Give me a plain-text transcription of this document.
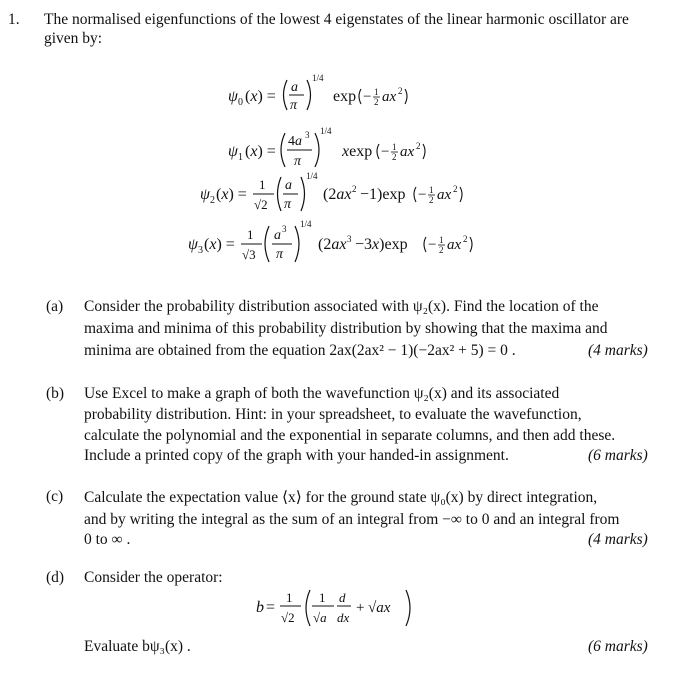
1. The normalised eigenfunctions of the lowest 4 eigenstates of the linear harmonic oscillator are
given by:
ψ 0 (x) =
a
π
1/4
exp − 1
2 ax 2
ψ 1 (x) =
4a 3
π
1/4
xexp − 1
2 ax 2
ψ 2 (x) =
1
√2
a
π
1/4
(2ax 2 −1)exp − 1
2 ax 2
ψ 3 (x) =
1
√3
a 3
π
1/4
(2ax 3 −3x)exp − 1
2 ax 2
(a) Consider the probability distribution associated with ψ₂(x). Find the location of the
maxima and minima of this probability distribution by showing that the maxima and
minima are obtained from the equation 2ax(2ax² − 1)(−2ax² + 5) = 0 .	(4 marks)
(b) Use Excel to make a graph of both the wavefunction ψ₂(x) and its associated
probability distribution. Hint: in your spreadsheet, to evaluate the wavefunction,
calculate the polynomial and the exponential in separate columns, and then add these.
Include a printed copy of the graph with your handed-in assignment.	(6 marks)
(c) Calculate the expectation value ⟨x⟩ for the ground state ψ₀(x) by direct integration,
and by writing the integral as the sum of an integral from −∞ to 0 and an integral from
0 to ∞ .	(4 marks)
(d) Consider the operator:
b =
1
√2
1
√a
d
dx
+ √ax
Evaluate bψ₃(x) .	(6 marks)
